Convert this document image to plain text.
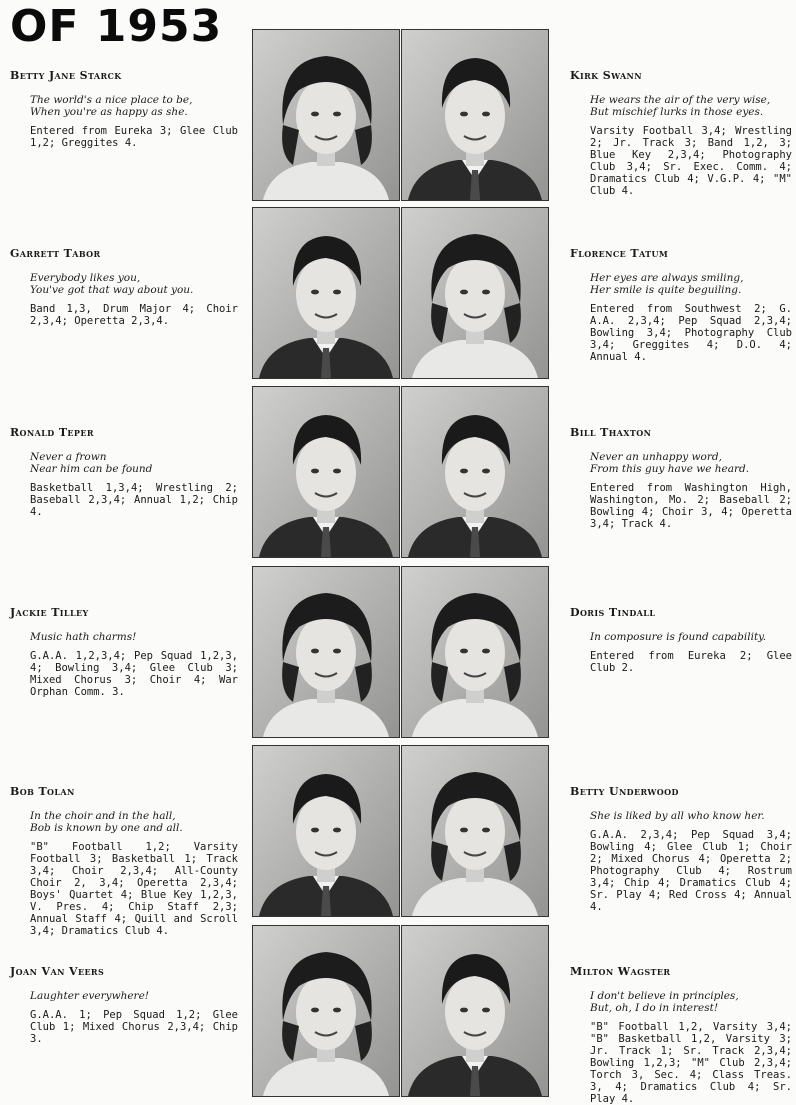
OF 1953
Betty Jane Starck
The world's a nice place to be,
When you're as happy as she.
Entered from Eureka 3; Glee Club 1,2; Greggites 4.
Kirk Swann
He wears the air of the very wise,
But mischief lurks in those eyes.
Varsity Football 3,4; Wrestling 2; Jr. Track 3; Band 1,2, 3; Blue Key 2,3,4; Photography Club 3,4; Sr. Exec. Comm. 4; Dramatics Club 4; V.G.P. 4; "M" Club 4.
Garrett Tabor
Everybody likes you,
You've got that way about you.
Band 1,3, Drum Major 4; Choir 2,3,4; Operetta 2,3,4.
Florence Tatum
Her eyes are always smiling,
Her smile is quite beguiling.
Entered from Southwest 2; G. A.A. 2,3,4; Pep Squad 2,3,4; Bowling 3,4; Photography Club 3,4; Greggites 4; D.O. 4; Annual 4.
Ronald Teper
Never a frown
Near him can be found
Basketball 1,3,4; Wrestling 2; Baseball 2,3,4; Annual 1,2; Chip 4.
Bill Thaxton
Never an unhappy word,
From this guy have we heard.
Entered from Washington High, Washington, Mo. 2; Baseball 2; Bowling 4; Choir 3, 4; Operetta 3,4; Track 4.
Jackie Tilley
Music hath charms!
G.A.A. 1,2,3,4; Pep Squad 1,2,3, 4; Bowling 3,4; Glee Club 3; Mixed Chorus 3; Choir 4; War Orphan Comm. 3.
Doris Tindall
In composure is found capability.
Entered from Eureka 2; Glee Club 2.
Bob Tolan
In the choir and in the hall,
Bob is known by one and all.
"B" Football 1,2; Varsity Football 3; Basketball 1; Track 3,4; Choir 2,3,4; All-County Choir 2, 3,4; Operetta 2,3,4; Boys' Quartet 4; Blue Key 1,2,3, V. Pres. 4; Chip Staff 2,3; Annual Staff 4; Quill and Scroll 3,4; Dramatics Club 4.
Betty Underwood
She is liked by all who know her.
G.A.A. 2,3,4; Pep Squad 3,4; Bowling 4; Glee Club 1; Choir 2; Mixed Chorus 4; Operetta 2; Photography Club 4; Rostrum 3,4; Chip 4; Dramatics Club 4; Sr. Play 4; Red Cross 4; Annual 4.
Joan Van Veers
Laughter everywhere!
G.A.A. 1; Pep Squad 1,2; Glee Club 1; Mixed Chorus 2,3,4; Chip 3.
Milton Wagster
I don't believe in principles,
But, oh, I do in interest!
"B" Football 1,2, Varsity 3,4; "B" Basketball 1,2, Varsity 3; Jr. Track 1; Sr. Track 2,3,4; Bowling 1,2,3; "M" Club 2,3,4; Torch 3, Sec. 4; Class Treas. 3, 4; Dramatics Club 4; Sr. Play 4.
